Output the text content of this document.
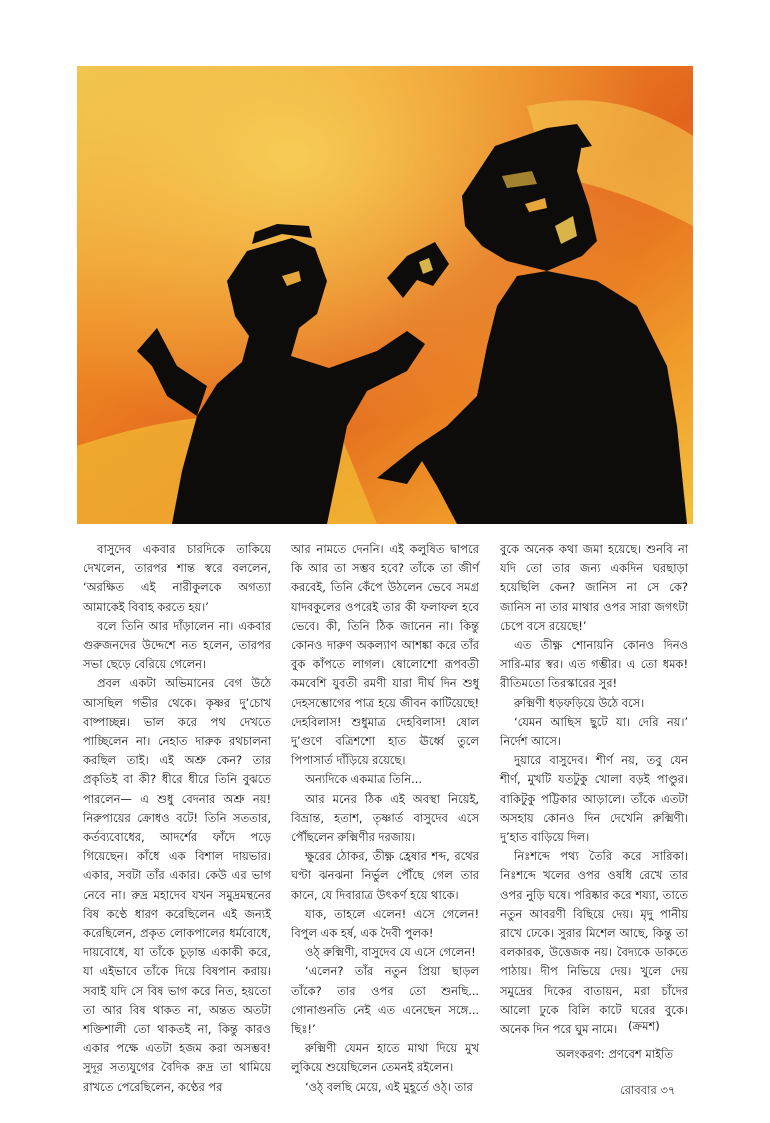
বাসুদেব একবার চারদিকে তাকিয়ে দেখলেন, তারপর শান্ত স্বরে বললেন, ‘অরক্ষিত এই নারীকুলকে অগত্যা আমাকেই বিবাহ করতে হয়।’

বলে তিনি আর দাঁড়ালেন না। একবার গুরুজনদের উদ্দেশে নত হলেন, তারপর সভা ছেড়ে বেরিয়ে গেলেন।

প্রবল একটা অভিমানের বেগ উঠে আসছিল গভীর থেকে। কৃষ্ণর দু’চোখ বাষ্পাচ্ছন্ন। ভাল করে পথ দেখতে পাচ্ছিলেন না। নেহাত দারুক রথচালনা করছিল তাই। এই অশ্রু কেন? তার প্রকৃতিই বা কী? ধীরে ধীরে তিনি বুঝতে পারলেন— এ শুধু বেদনার অশ্রু নয়! নিরুপায়ের ক্রোধও বটে! তিনি সততার, কর্তব্যবোধের, আদর্শের ফাঁদে পড়ে গিয়েছেন। কাঁধে এক বিশাল দায়ভার। একার, সবটা তাঁর একার। কেউ এর ভাগ নেবে না। রুদ্র মহাদেব যখন সমুদ্রমন্থনের বিষ কণ্ঠে ধারণ করেছিলেন এই জন্যই করেছিলেন, প্রকৃত লোকপালের ধর্মবোধে, দায়বোধে, যা তাঁকে চূড়ান্ত একাকী করে, যা এইভাবে তাঁকে দিয়ে বিষপান করায়। সবাই যদি সে বিষ ভাগ করে নিত, হয়তো তা আর বিষ থাকত না, অন্তত অতটা শক্তিশালী তো থাকতই না, কিন্তু কারও একার পক্ষে এতটা হজম করা অসম্ভব! সুদূর সত্যযুগের বৈদিক রুদ্র তা থামিয়ে রাখতে পেরেছিলেন, কণ্ঠের পর

আর নামতে দেননি। এই কলুষিত দ্বাপরে কি আর তা সম্ভব হবে? তাঁকে তা জীর্ণ করবেই, তিনি কেঁপে উঠলেন ভেবে সমগ্র যাদবকুলের ওপরেই তার কী ফলাফল হবে ভেবে। কী, তিনি ঠিক জানেন না। কিন্তু কোনও দারুণ অকল্যাণ আশঙ্কা করে তাঁর বুক কাঁপতে লাগল। ষোলোশো রূপবতী কমবেশি যুবতী রমণী যারা দীর্ঘ দিন শুধু দেহসম্ভোগের পাত্র হয়ে জীবন কাটিয়েছে! দেহবিলাস! শুধুমাত্র দেহবিলাস! ষোল দু’গুণে বত্রিশশো হাত ঊর্ধ্বে তুলে পিপাসার্ত দাঁড়িয়ে রয়েছে।

অন্যদিকে একমাত্র তিনি...

আর মনের ঠিক এই অবস্থা নিয়েই, বিভ্রান্ত, হতাশ, তৃষ্ণার্ত বাসুদেব এসে পৌঁছলেন রুক্মিণীর দরজায়।

ক্ষুরের ঠোকর, তীক্ষ্ণ হ্রেষার শব্দ, রথের ঘণ্টা ঝনঝনা নির্ভুল পৌঁছে গেল তার কানে, যে দিবারাত্র উৎকর্ণ হয়ে থাকে।

যাক, তাহলে এলেন! এসে গেলেন! বিপুল এক হর্ষ, এক দৈবী পুলক!

ওঠ্ রুক্মিণী, বাসুদেব যে এসে গেলেন!

‘এলেন? তাঁর নতুন প্রিয়া ছাড়ল তাঁকে? তার ওপর তো শুনছি... গোনাগুনতি নেই এত এনেছেন সঙ্গে... ছিঃ!’

রুক্মিণী যেমন হাতে মাথা দিয়ে মুখ লুকিয়ে শুয়েছিলেন তেমনই রইলেন।

‘ওঠ্ বলছি মেয়ে, এই মুহূর্তে ওঠ্। তার

বুকে অনেক কথা জমা হয়েছে। শুনবি না যদি তো তার জন্য একদিন ঘরছাড়া হয়েছিলি কেন? জানিস না সে কে? জানিস না তার মাথার ওপর সারা জগৎটা চেপে বসে রয়েছে!’

এত তীক্ষ্ণ শোনায়নি কোনও দিনও সারি-মার স্বর। এত গম্ভীর। এ তো ধমক! রীতিমতো তিরস্কারের সুর!

রুক্মিণী ধড়ফড়িয়ে উঠে বসে।

‘যেমন আছিস ছুটে যা। দেরি নয়।’ নির্দেশ আসে।

দুয়ারে বাসুদেব। শীর্ণ নয়, তবু যেন শীর্ণ, মুখটি যতটুকু খোলা বড়ই পাণ্ডুর। বাকিটুকু পট্টিকার আড়ালে। তাঁকে এতটা অসহায় কোনও দিন দেখেনি রুক্মিণী। দু’হাত বাড়িয়ে দিল।

নিঃশব্দে পথ্য তৈরি করে সারিকা। নিঃশব্দে খলের ওপর ওষধি রেখে তার ওপর নুড়ি ঘষে। পরিষ্কার করে শয্যা, তাতে নতুন আবরণী বিছিয়ে দেয়। মৃদু পানীয় রাখে ঢেকে। সুরার মিশেল আছে, কিন্তু তা বলকারক, উত্তেজক নয়। বৈদ্যকে ডাকতে পাঠায়। দীপ নিভিয়ে দেয়। খুলে দেয় সমুদ্রের দিকের বাতায়ন, মরা চাঁদের আলো ঢুকে বিলি কাটে ঘরের বুকে। অনেক দিন পরে ঘুম নামে। (ক্রমশ)
অলংকরণ: প্রণবেশ মাইতি
রোববার ৩৭
